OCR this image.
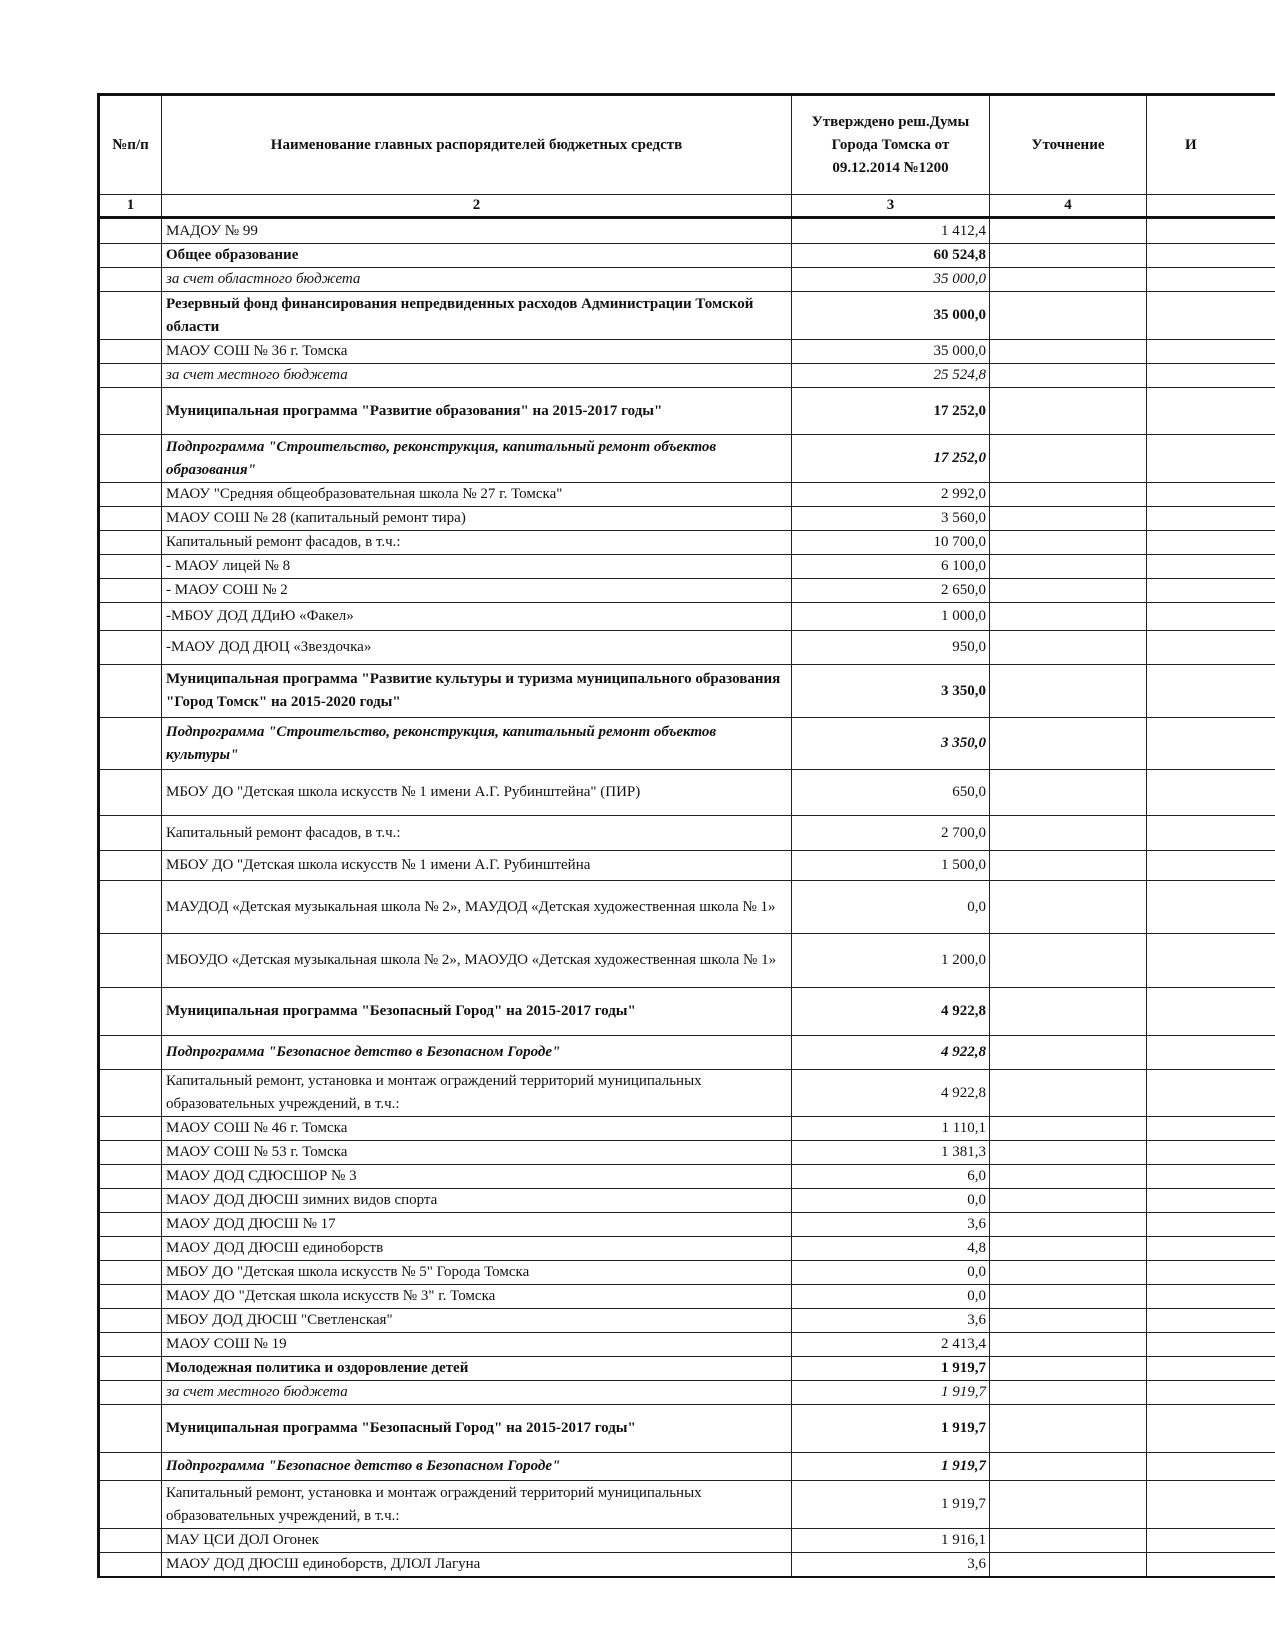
№п/п	Наименование главных распорядителей бюджетных средств	Утверждено реш.Думы Города Томска от 09.12.2014 №1200	Уточнение	И
1	2	3	4	
	МАДОУ № 99	1 412,4		
	Общее образование	60 524,8		
	за счет областного бюджета	35 000,0		
	Резервный фонд финансирования непредвиденных расходов Администрации Томской области	35 000,0		
	МАОУ СОШ № 36 г. Томска	35 000,0		
	за счет местного бюджета	25 524,8		
	Муниципальная программа "Развитие образования" на 2015-2017 годы"	17 252,0		
	Подпрограмма "Строительство, реконструкция, капитальный ремонт объектов образования"	17 252,0		
	МАОУ "Средняя общеобразовательная школа № 27 г. Томска"	2 992,0		
	МАОУ СОШ № 28 (капитальный ремонт тира)	3 560,0		
	Капитальный ремонт фасадов, в т.ч.:	10 700,0		
	- МАОУ лицей № 8	6 100,0		
	- МАОУ СОШ № 2	2 650,0		
	-МБОУ ДОД ДДиЮ «Факел»	1 000,0		
	-МАОУ ДОД ДЮЦ «Звездочка»	950,0		
	Муниципальная программа "Развитие культуры и туризма муниципального образования "Город Томск" на 2015-2020 годы"	3 350,0		
	Подпрограмма "Строительство, реконструкция, капитальный ремонт объектов культуры"	3 350,0		
	МБОУ ДО "Детская школа искусств № 1 имени А.Г. Рубинштейна" (ПИР)	650,0		
	Капитальный ремонт фасадов, в т.ч.:	2 700,0		
	МБОУ ДО "Детская школа искусств № 1 имени А.Г. Рубинштейна	1 500,0		
	МАУДОД «Детская музыкальная школа № 2», МАУДОД «Детская художественная школа № 1»	0,0		
	МБОУДО «Детская музыкальная школа № 2», МАОУДО «Детская художественная школа № 1»	1 200,0		
	Муниципальная программа "Безопасный Город" на 2015-2017 годы"	4 922,8		
	Подпрограмма "Безопасное детство в Безопасном Городе"	4 922,8		
	Капитальный ремонт, установка и монтаж ограждений территорий муниципальных образовательных учреждений, в т.ч.:	4 922,8		
	МАОУ СОШ № 46 г. Томска	1 110,1		
	МАОУ СОШ № 53 г. Томска	1 381,3		
	МАОУ ДОД СДЮСШОР № 3	6,0		
	МАОУ ДОД ДЮСШ зимних видов спорта	0,0		
	МАОУ ДОД ДЮСШ № 17	3,6		
	МАОУ ДОД ДЮСШ единоборств	4,8		
	МБОУ ДО "Детская школа искусств № 5" Города Томска	0,0		
	МАОУ ДО "Детская школа искусств № 3" г. Томска	0,0		
	МБОУ ДОД ДЮСШ "Светленская"	3,6		
	МАОУ СОШ № 19	2 413,4		
	Молодежная политика и оздоровление детей	1 919,7		
	за счет местного бюджета	1 919,7		
	Муниципальная программа "Безопасный Город" на 2015-2017 годы"	1 919,7		
	Подпрограмма "Безопасное детство в Безопасном Городе"	1 919,7		
	Капитальный ремонт, установка и монтаж ограждений территорий муниципальных образовательных учреждений, в т.ч.:	1 919,7		
	МАУ ЦСИ ДОЛ Огонек	1 916,1		
	МАОУ ДОД ДЮСШ единоборств, ДЛОЛ Лагуна	3,6		
